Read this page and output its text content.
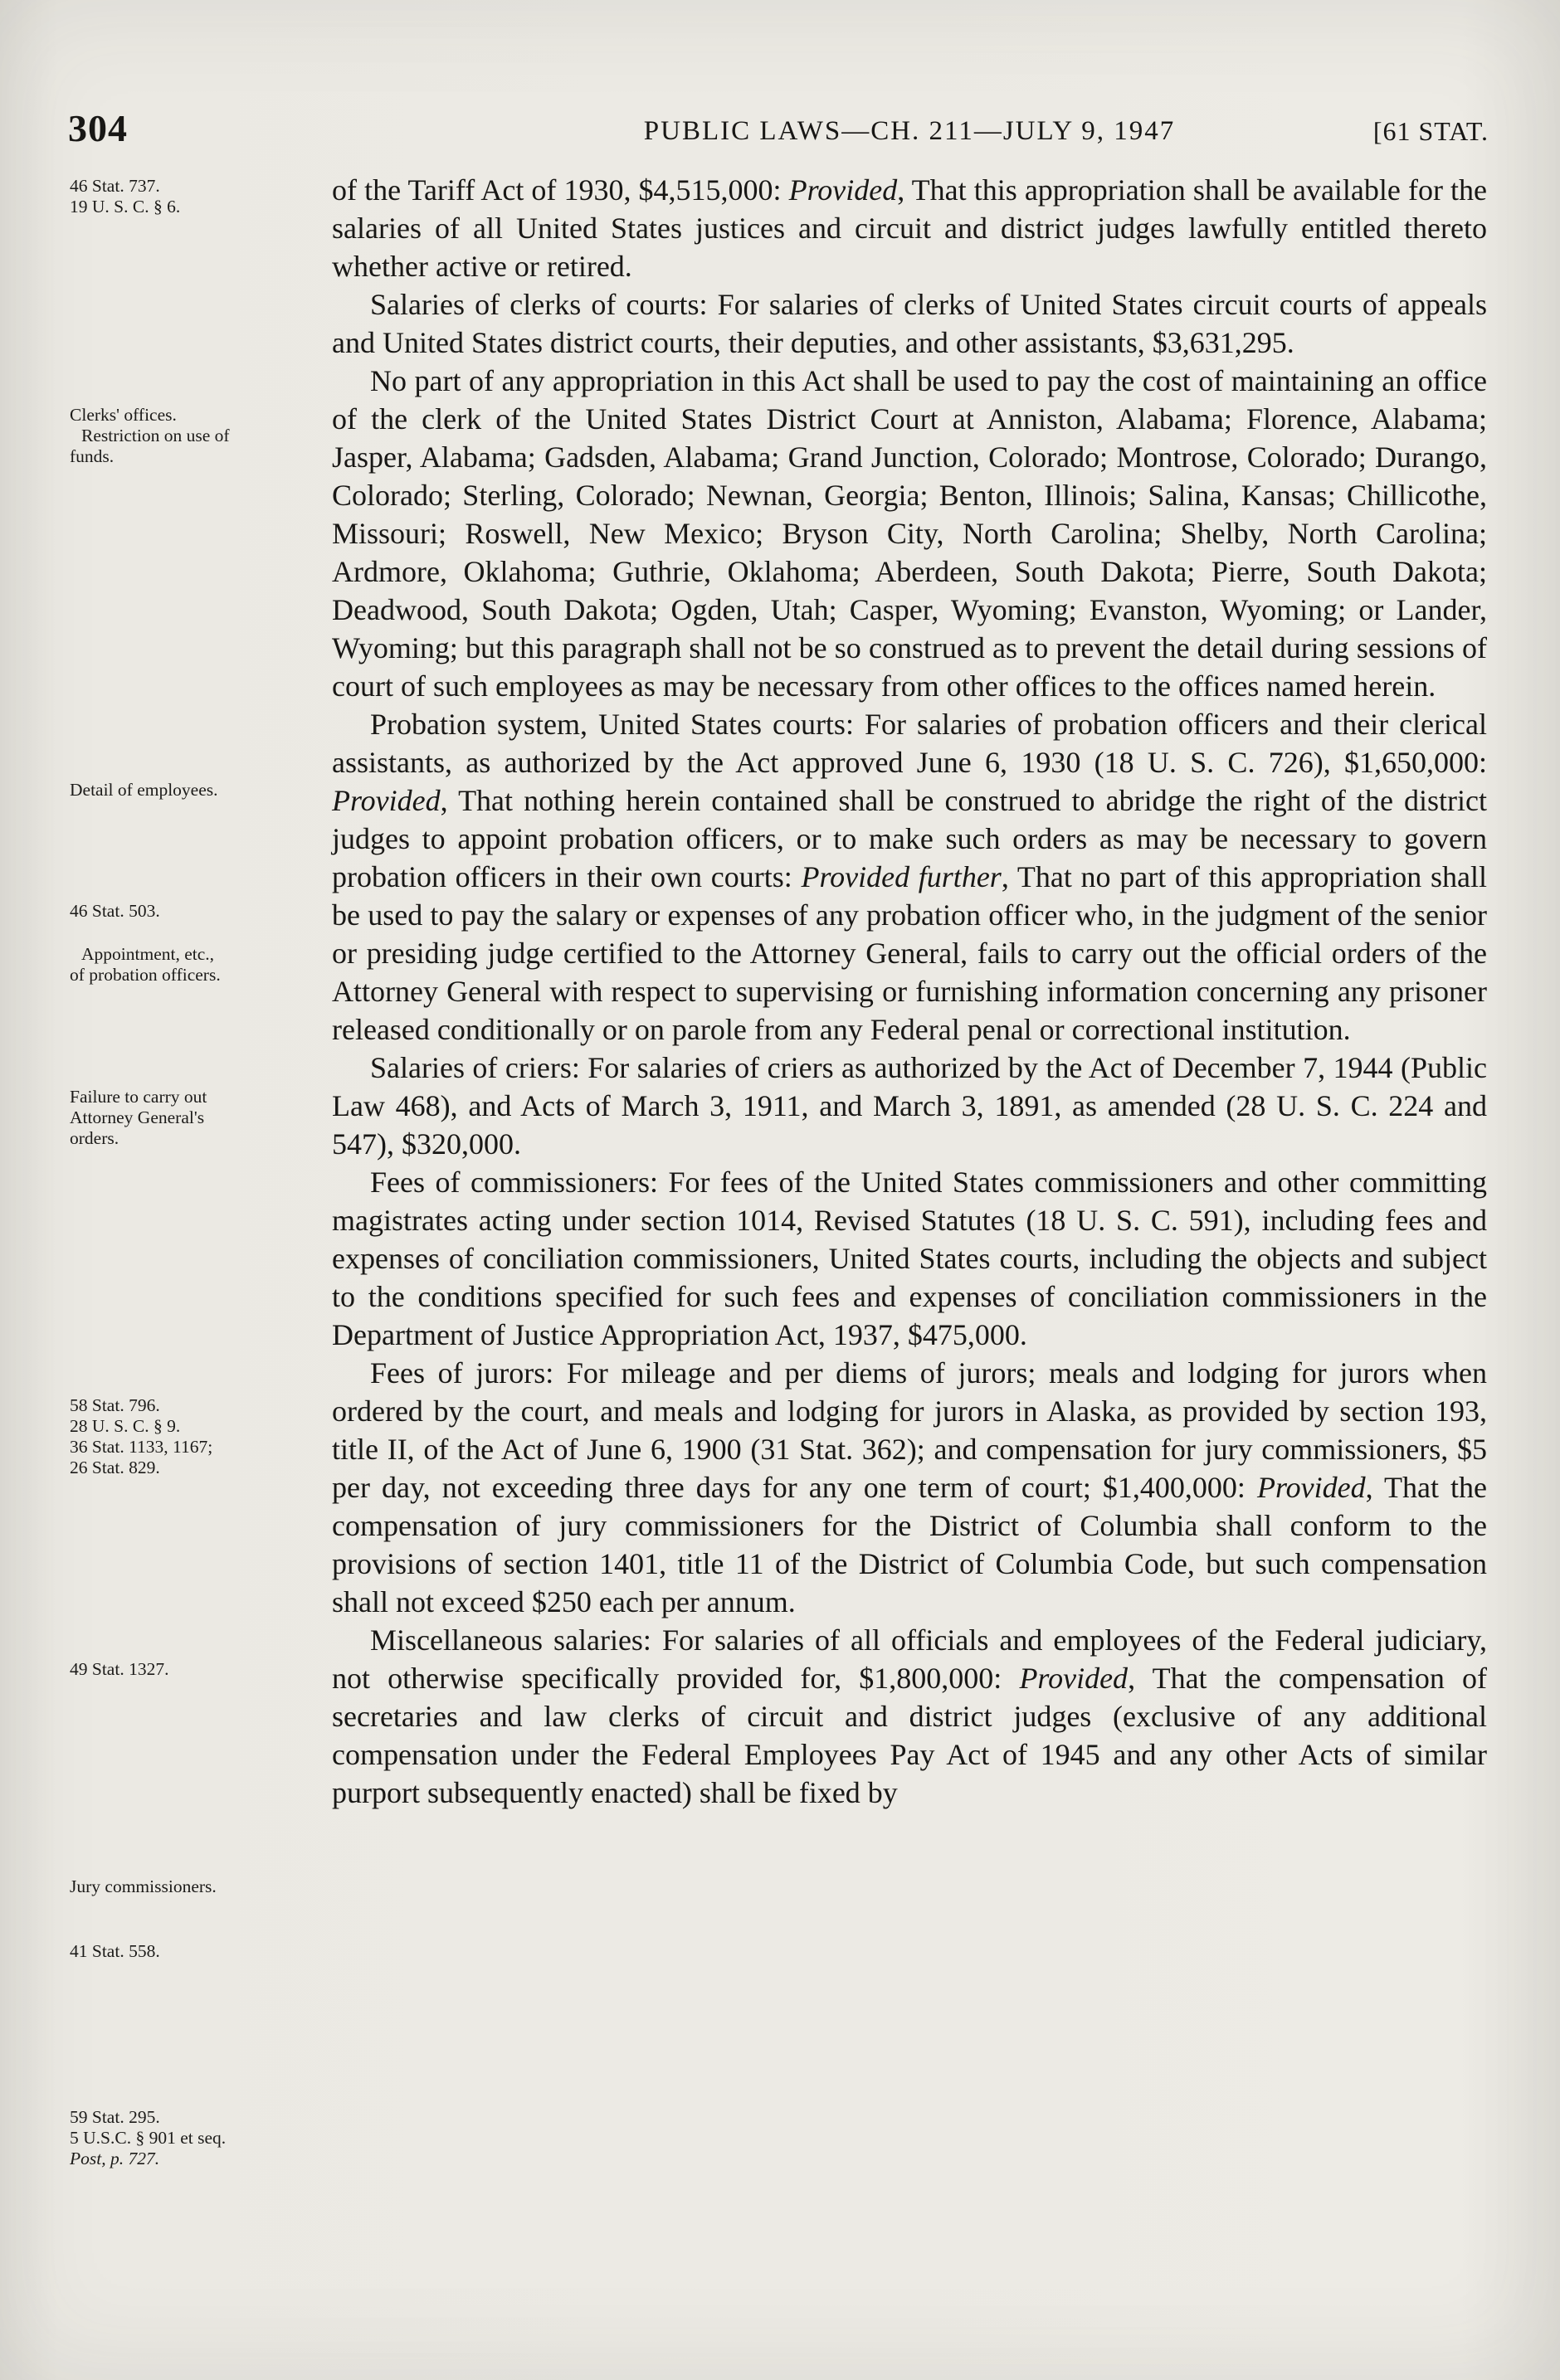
304	PUBLIC LAWS—CH. 211—JULY 9, 1947	[61 STAT.
46 Stat. 737.
19 U. S. C. § 6.
Clerks' offices.
Restriction on use of
funds.
Detail of employees.
46 Stat. 503.
Appointment, etc.,
of probation officers.
Failure to carry out
Attorney General's
orders.
58 Stat. 796.
28 U. S. C. § 9.
36 Stat. 1133, 1167;
26 Stat. 829.
49 Stat. 1327.
Jury commissioners.
41 Stat. 558.
59 Stat. 295.
5 U.S.C. § 901 et seq.
Post, p. 727.

of the Tariff Act of 1930, $4,515,000: Provided, That this appropriation shall be available for the salaries of all United States justices and circuit and district judges lawfully entitled thereto whether active or retired.

Salaries of clerks of courts: For salaries of clerks of United States circuit courts of appeals and United States district courts, their deputies, and other assistants, $3,631,295.

No part of any appropriation in this Act shall be used to pay the cost of maintaining an office of the clerk of the United States District Court at Anniston, Alabama; Florence, Alabama; Jasper, Alabama; Gadsden, Alabama; Grand Junction, Colorado; Montrose, Colorado; Durango, Colorado; Sterling, Colorado; Newnan, Georgia; Benton, Illinois; Salina, Kansas; Chillicothe, Missouri; Roswell, New Mexico; Bryson City, North Carolina; Shelby, North Carolina; Ardmore, Oklahoma; Guthrie, Oklahoma; Aberdeen, South Dakota; Pierre, South Dakota; Deadwood, South Dakota; Ogden, Utah; Casper, Wyoming; Evanston, Wyoming; or Lander, Wyoming; but this paragraph shall not be so construed as to prevent the detail during sessions of court of such employees as may be necessary from other offices to the offices named herein.

Probation system, United States courts: For salaries of probation officers and their clerical assistants, as authorized by the Act approved June 6, 1930 (18 U. S. C. 726), $1,650,000: Provided, That nothing herein contained shall be construed to abridge the right of the district judges to appoint probation officers, or to make such orders as may be necessary to govern probation officers in their own courts: Provided further, That no part of this appropriation shall be used to pay the salary or expenses of any probation officer who, in the judgment of the senior or presiding judge certified to the Attorney General, fails to carry out the official orders of the Attorney General with respect to supervising or furnishing information concerning any prisoner released conditionally or on parole from any Federal penal or correctional institution.

Salaries of criers: For salaries of criers as authorized by the Act of December 7, 1944 (Public Law 468), and Acts of March 3, 1911, and March 3, 1891, as amended (28 U. S. C. 224 and 547), $320,000.

Fees of commissioners: For fees of the United States commissioners and other committing magistrates acting under section 1014, Revised Statutes (18 U. S. C. 591), including fees and expenses of conciliation commissioners, United States courts, including the objects and subject to the conditions specified for such fees and expenses of conciliation commissioners in the Department of Justice Appropriation Act, 1937, $475,000.

Fees of jurors: For mileage and per diems of jurors; meals and lodging for jurors when ordered by the court, and meals and lodging for jurors in Alaska, as provided by section 193, title II, of the Act of June 6, 1900 (31 Stat. 362); and compensation for jury commissioners, $5 per day, not exceeding three days for any one term of court; $1,400,000: Provided, That the compensation of jury commissioners for the District of Columbia shall conform to the provisions of section 1401, title 11 of the District of Columbia Code, but such compensation shall not exceed $250 each per annum.

Miscellaneous salaries: For salaries of all officials and employees of the Federal judiciary, not otherwise specifically provided for, $1,800,000: Provided, That the compensation of secretaries and law clerks of circuit and district judges (exclusive of any additional compensation under the Federal Employees Pay Act of 1945 and any other Acts of similar purport subsequently enacted) shall be fixed by
